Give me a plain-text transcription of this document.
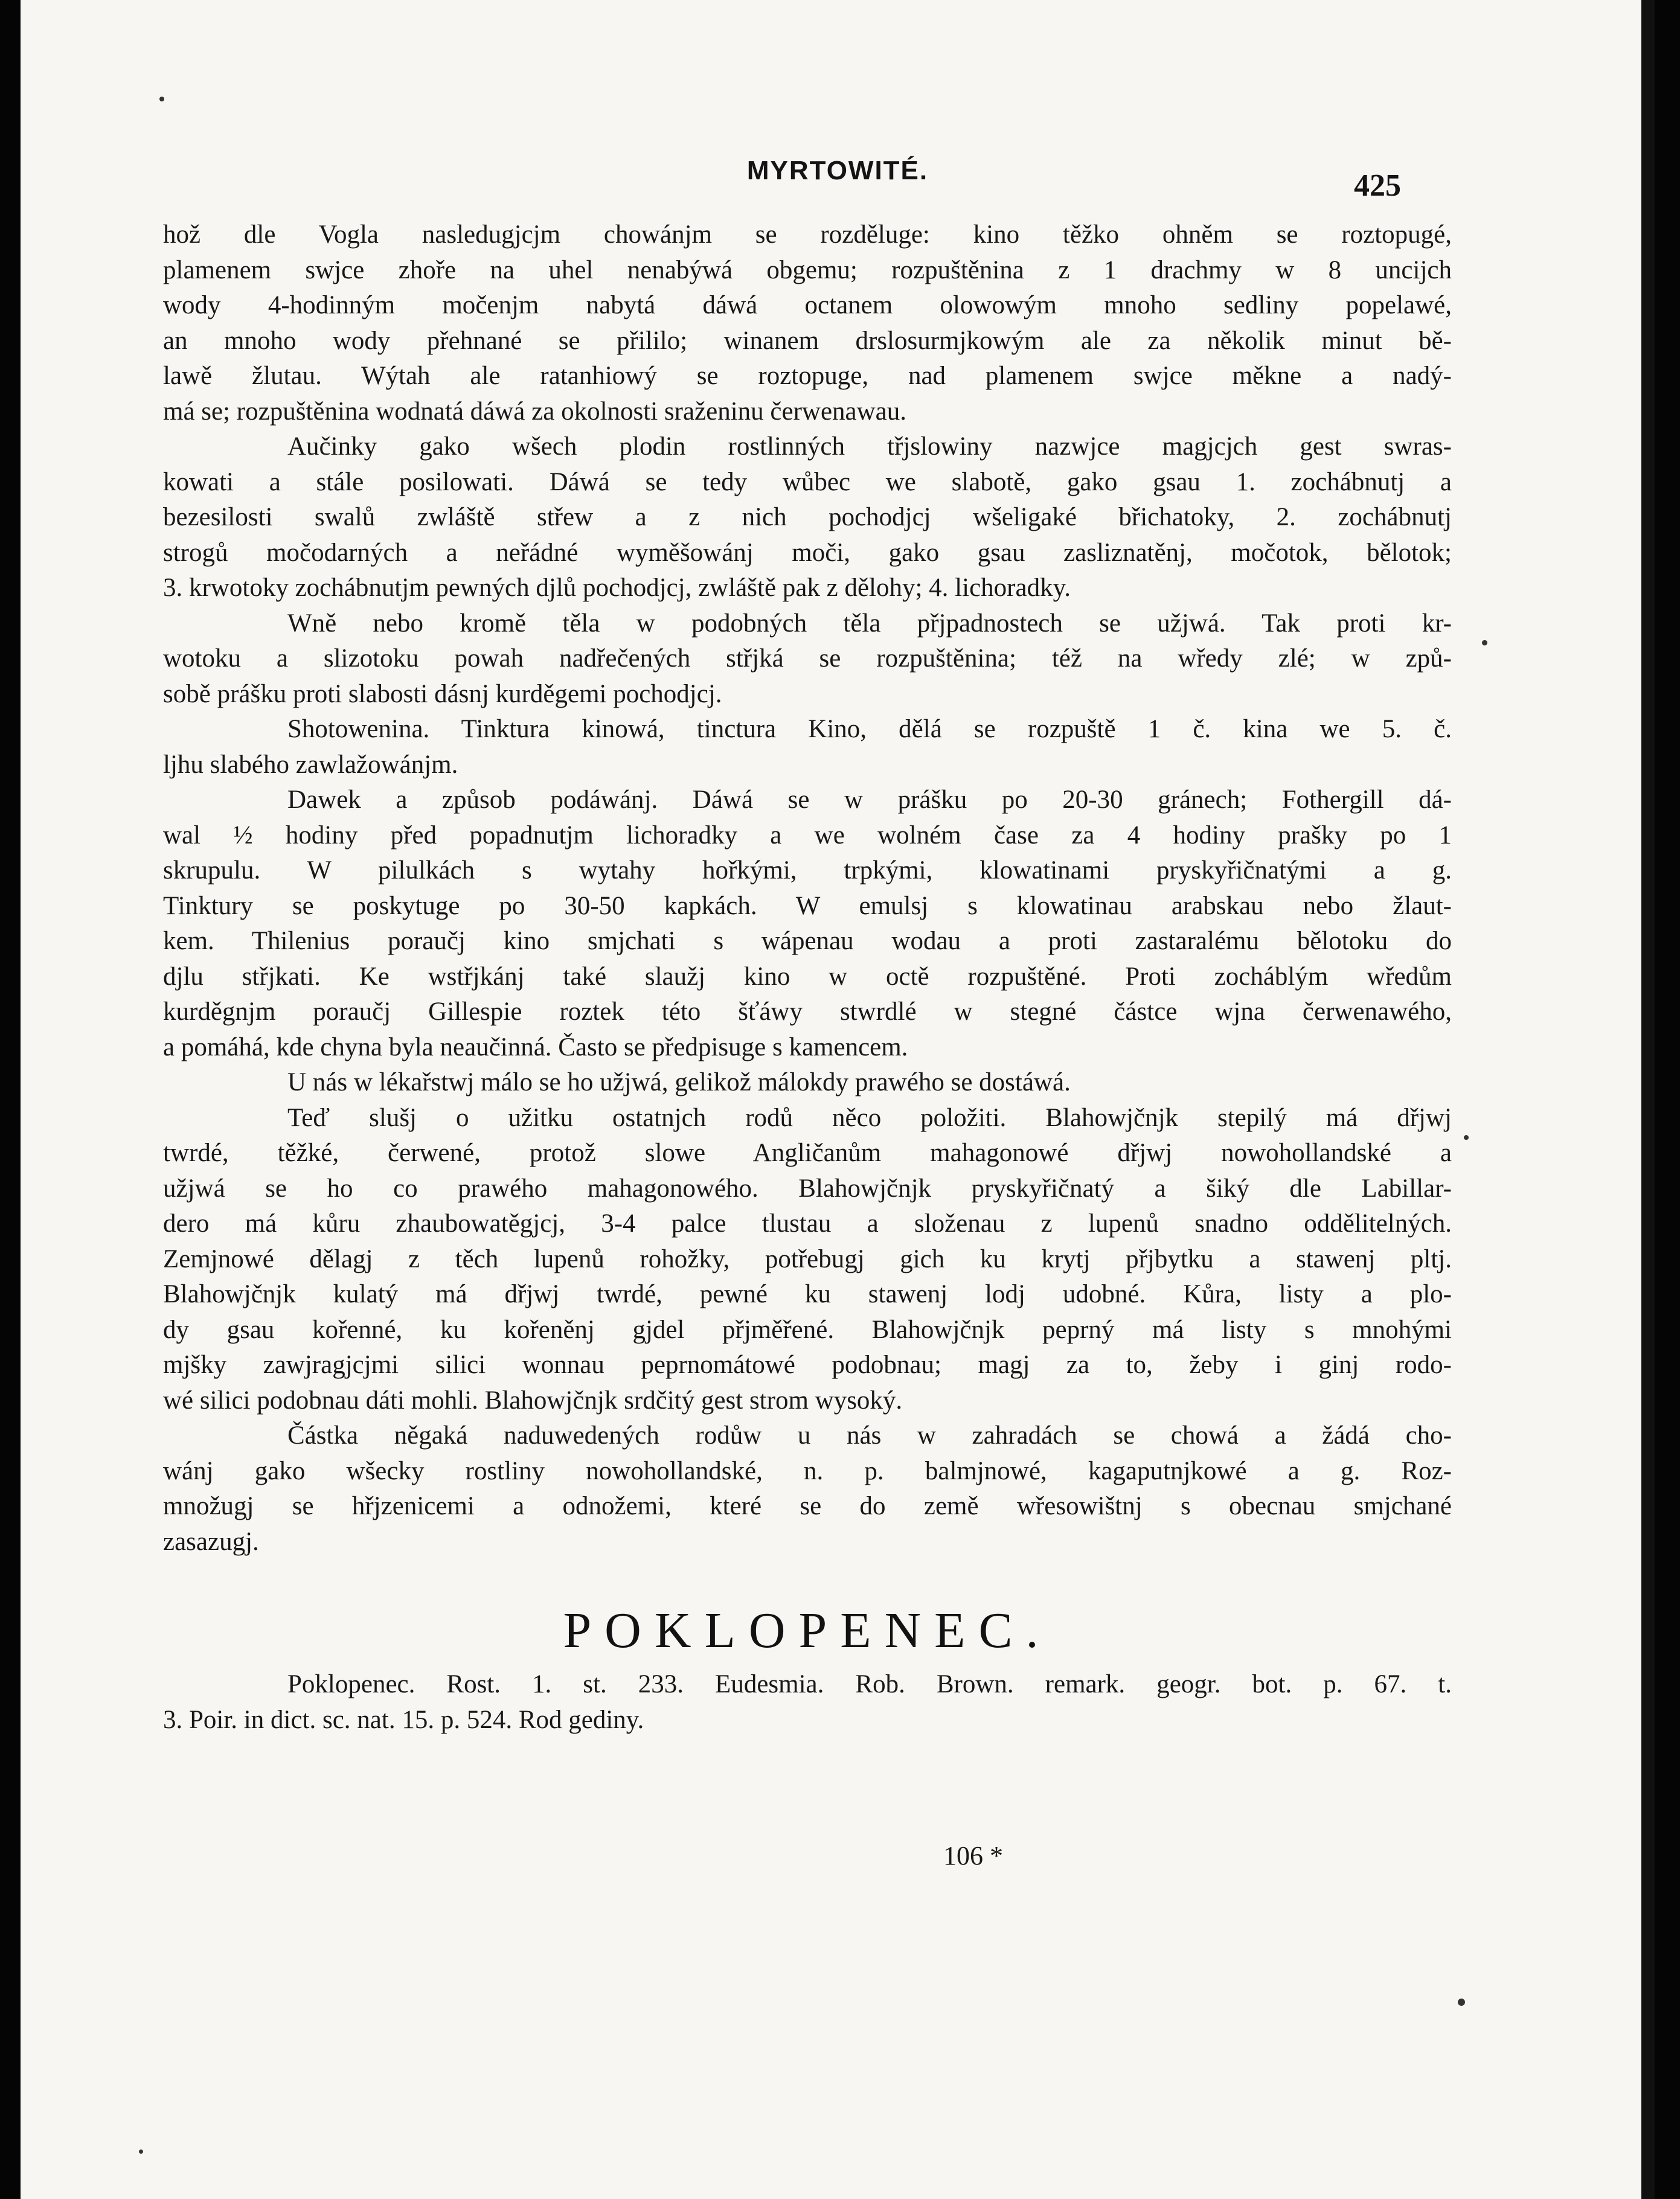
MYRTOWITÉ.	425
hož dle Vogla nasledugjcjm chowánjm se rozděluge: kino těžko ohněm se roztopugé,
plamenem swjce zhoře na uhel nenabýwá obgemu; rozpuštěnina z 1 drachmy w 8 uncijch
wody 4-hodinným močenjm nabytá dáwá octanem olowowým mnoho sedliny popelawé,
an mnoho wody přehnané se přililo; winanem drslosurmjkowým ale za několik minut bě-
lawě žlutau. Wýtah ale ratanhiowý se roztopuge, nad plamenem swjce měkne a nadý-
má se; rozpuštěnina wodnatá dáwá za okolnosti sraženinu čerwenawau.
Aučinky gako wšech plodin rostlinných třjslowiny nazwjce magjcjch gest swras-
kowati a stále posilowati. Dáwá se tedy wůbec we slabotě, gako gsau 1. zochábnutj a
bezesilosti swalů zwláště střew a z nich pochodjcj wšeligaké břichatoky, 2. zochábnutj
strogů močodarných a neřádné wyměšowánj moči, gako gsau zasliznatěnj, močotok, bělotok;
3. krwotoky zochábnutjm pewných djlů pochodjcj, zwláště pak z dělohy; 4. lichoradky.
Wně nebo kromě těla w podobných těla přjpadnostech se užjwá. Tak proti kr-
wotoku a slizotoku powah nadřečených střjká se rozpuštěnina; též na wředy zlé; w způ-
sobě prášku proti slabosti dásnj kurděgemi pochodjcj.
Shotowenina. Tinktura kinowá, tinctura Kino, dělá se rozpuště 1 č. kina we 5. č.
ljhu slabého zawlažowánjm.
Dawek a způsob podáwánj. Dáwá se w prášku po 20-30 gránech; Fothergill dá-
wal ½ hodiny před popadnutjm lichoradky a we wolném čase za 4 hodiny prašky po 1
skrupulu. W pilulkách s wytahy hořkými, trpkými, klowatinami pryskyřičnatými a g.
Tinktury se poskytuge po 30-50 kapkách. W emulsj s klowatinau arabskau nebo žlaut-
kem. Thilenius poraučj kino smjchati s wápenau wodau a proti zastaralému bělotoku do
djlu střjkati. Ke wstřjkánj také slaužj kino w octě rozpuštěné. Proti zocháblým wředům
kurděgnjm poraučj Gillespie roztek této šťáwy stwrdlé w stegné částce wjna čerwenawého,
a pomáhá, kde chyna byla neaučinná. Často se předpisuge s kamencem.
U nás w lékařstwj málo se ho užjwá, gelikož málokdy prawého se dostáwá.
Teď slušj o užitku ostatnjch rodů něco položiti. Blahowjčnjk stepilý má dřjwj
twrdé, těžké, čerwené, protož slowe Angličanům mahagonowé dřjwj nowohollandské a
užjwá se ho co prawého mahagonowého. Blahowjčnjk pryskyřičnatý a šiký dle Labillar-
dero má kůru zhaubowatěgjcj, 3-4 palce tlustau a složenau z lupenů snadno oddělitelných.
Zemjnowé dělagj z těch lupenů rohožky, potřebugj gich ku krytj přjbytku a stawenj pltj.
Blahowjčnjk kulatý má dřjwj twrdé, pewné ku stawenj lodj udobné. Kůra, listy a plo-
dy gsau kořenné, ku kořeněnj gjdel přjměřené. Blahowjčnjk peprný má listy s mnohými
mjšky zawjragjcjmi silici wonnau peprnomátowé podobnau; magj za to, žeby i ginj rodo-
wé silici podobnau dáti mohli. Blahowjčnjk srdčitý gest strom wysoký.
Částka něgaká naduwedených rodůw u nás w zahradách se chowá a žádá cho-
wánj gako wšecky rostliny nowohollandské, n. p. balmjnowé, kagaputnjkowé a g. Roz-
množugj se hřjzenicemi a odnožemi, které se do země wřesowištnj s obecnau smjchané
zasazugj.
POKLOPENEC.
Poklopenec. Rost. 1. st. 233. Eudesmia. Rob. Brown. remark. geogr. bot. p. 67. t.
3. Poir. in dict. sc. nat. 15. p. 524. Rod gediny.
106 *
